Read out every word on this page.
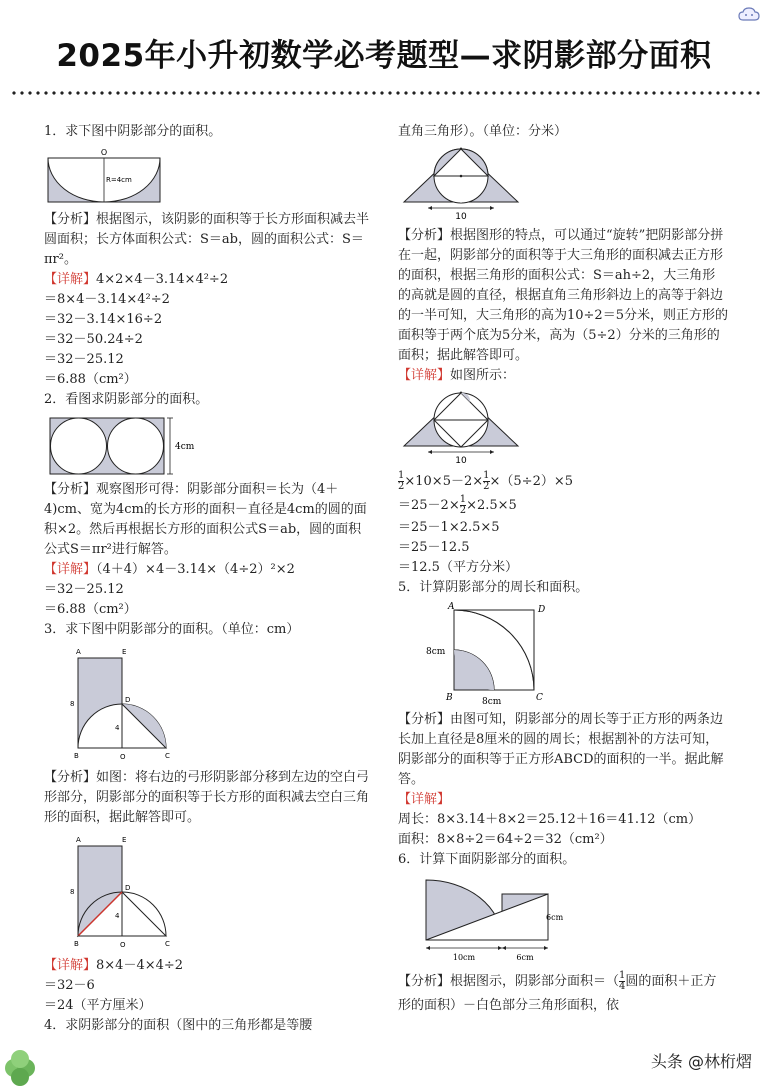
2025年小升初数学必考题型—求阴影部分面积

1．求下图中阴影部分的面积。

O
R=4cm

【分析】根据图示，该阴影的面积等于长方形面积减去半圆面积；长方体面积公式：S＝ab，圆的面积公式：S＝πr²。

【详解】4×2×4－3.14×4²÷2

＝8×4－3.14×4²÷2

＝32－3.14×16÷2

＝32－50.24÷2

＝32－25.12

＝6.88（cm²）

2．看图求阴影部分的面积。

4cm

【分析】观察图形可得：阴影部分面积＝长为（4＋4)cm、宽为4cm的长方形的面积－直径是4cm的圆的面积×2。然后再根据长方形的面积公式S＝ab，圆的面积公式S＝πr²进行解答。

【详解】（4＋4）×4－3.14×（4÷2）²×2

＝32－25.12

＝6.88（cm²）

3．求下图中阴影部分的面积。（单位：cm）

A	E
D
B	O	C
8
4

【分析】如图：将右边的弓形阴影部分移到左边的空白弓形部分，阴影部分的面积等于长方形的面积减去空白三角形的面积，据此解答即可。

A	E
D
B	O	C
8
4

【详解】8×4－4×4÷2

＝32－6

＝24（平方厘米）

4．求阴影部分的面积（图中的三角形都是等腰

直角三角形）。（单位：分米）

10

【分析】根据图形的特点，可以通过“旋转”把阴影部分拼在一起，阴影部分的面积等于大三角形的面积减去正方形的面积，根据三角形的面积公式：S＝ah÷2，大三角形的高就是圆的直径，根据直角三角形斜边上的高等于斜边的一半可知，大三角形的高为10÷2＝5分米，则正方形的面积等于两个底为5分米，高为（5÷2）分米的三角形的面积；据此解答即可。

【详解】如图所示：

10

$\frac{1}{2} \times 10\times 5-2\times \frac{1}{2} \times(5\div 2)\times 5$

$=25-2\times \frac{1}{2} \times 2.5\times 5$

＝25－1×2.5×5

＝25－12.5

＝12.5（平方分米）

5．计算阴影部分的周长和面积。

A	D
B	C
8cm
8cm

【分析】由图可知，阴影部分的周长等于正方形的两条边长加上直径是8厘米的圆的周长；根据割补的方法可知，阴影部分的面积等于正方形ABCD的面积的一半。据此解答。

【详解】

周长：8×3.14＋8×2＝25.12＋16＝41.12（cm）

面积：8×8÷2＝64÷2＝32（cm²）

6．计算下面阴影部分的面积。

10cm	6cm
6cm

【分析】根据图示，阴影部分面积＝（ $\frac{1}{4}$ 圆的面积＋正方形的面积）－白色部分三角形面积，依

头条 @林桁熠
